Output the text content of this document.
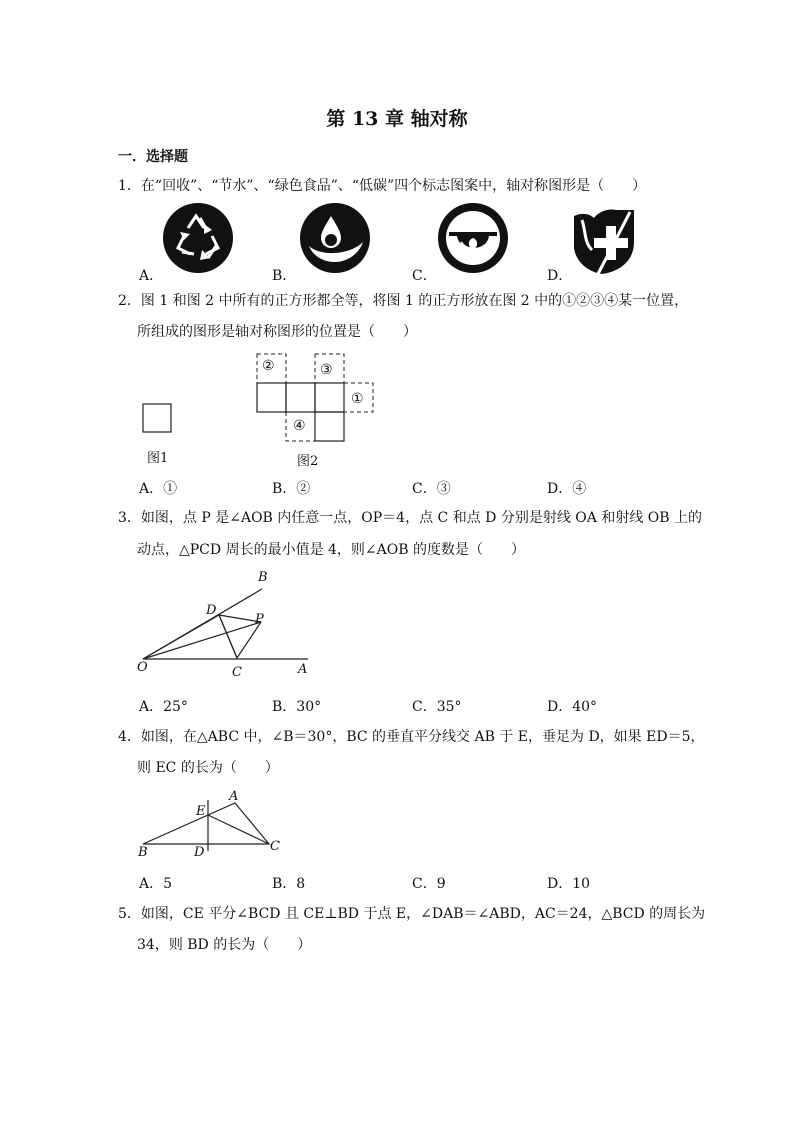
第 13 章 轴对称
一．选择题
1．在“回收”、“节水”、“绿色食品”、“低碳”四个标志图案中，轴对称图形是（　　）
A．	B．	C．	D．
2．图 1 和图 2 中所有的正方形都全等，将图 1 的正方形放在图 2 中的①②③④某一位置，
所组成的图形是轴对称图形的位置是（　　）
图1
②	③
①
④
图2
A．①	B．②	C．③	D．④
3．如图，点 P 是∠AOB 内任意一点，OP＝4，点 C 和点 D 分别是射线 OA 和射线 OB 上的
动点，△PCD 周长的最小值是 4，则∠AOB 的度数是（　　）
B
D
P
O	C	A
A．25°	B．30°	C．35°	D．40°
4．如图，在△ABC 中，∠B＝30°，BC 的垂直平分线交 AB 于 E，垂足为 D，如果 ED＝5，
则 EC 的长为（　　）
A
E
B	D	C
A．5	B．8	C．9	D．10
5．如图，CE 平分∠BCD 且 CE⊥BD 于点 E，∠DAB＝∠ABD，AC＝24，△BCD 的周长为
34，则 BD 的长为（　　）
